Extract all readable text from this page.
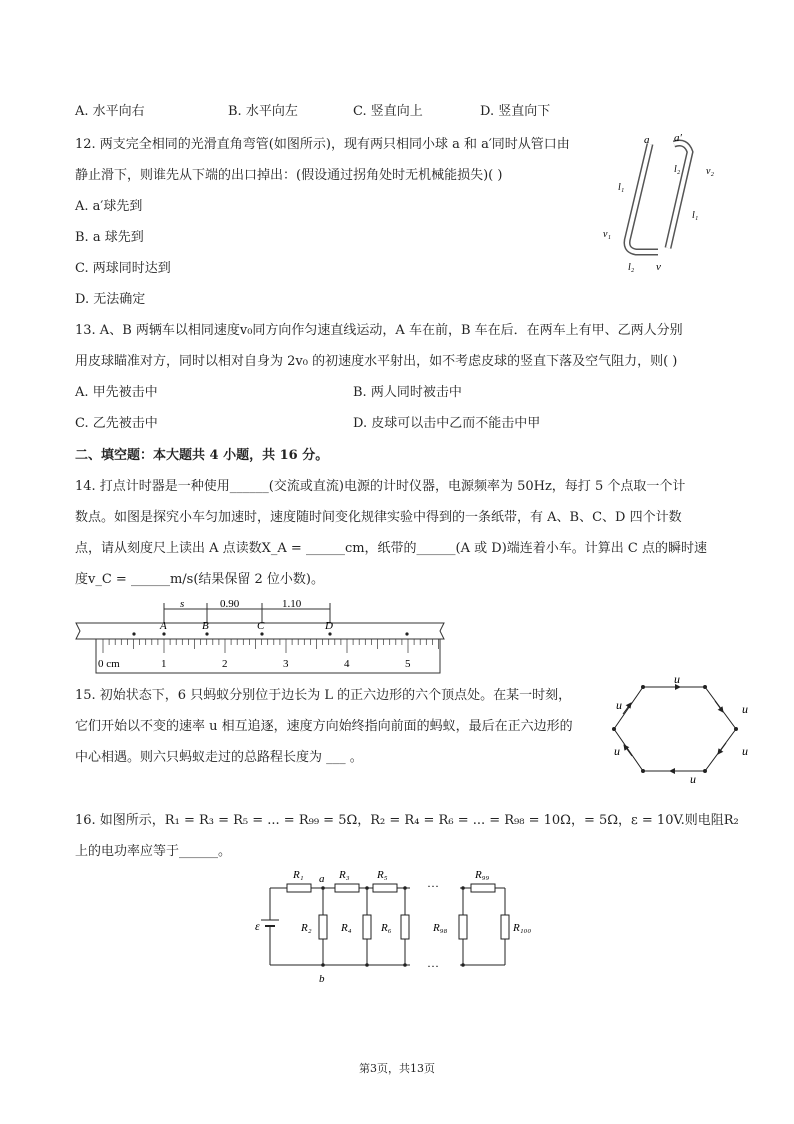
A. 水平向右	B. 水平向左	C. 竖直向上	D. 竖直向下
12. 两支完全相同的光滑直角弯管(如图所示)，现有两只相同小球 a 和 a′同时从管口由
静止滑下，则谁先从下端的出口掉出：(假设通过拐角处时无机械能损失)( )
A. a′球先到
B. a 球先到
C. 两球同时达到
D. 无法确定
a a′
l₂	v₂
l₁
l₁
v₁
l₂ v
13. A、B 两辆车以相同速度v₀同方向作匀速直线运动，A 车在前，B 车在后．在两车上有甲、乙两人分别
用皮球瞄准对方，同时以相对自身为 2v₀ 的初速度水平射出，如不考虑皮球的竖直下落及空气阻力，则( )
A. 甲先被击中	B. 两人同时被击中
C. 乙先被击中	D. 皮球可以击中乙而不能击中甲
二、填空题：本大题共 4 小题，共 16 分。
14. 打点计时器是一种使用______(交流或直流)电源的计时仪器，电源频率为 50Hz，每打 5 个点取一个计
数点。如图是探究小车匀加速时，速度随时间变化规律实验中得到的一条纸带，有 A、B、C、D 四个计数
点，请从刻度尺上读出 A 点读数X_A = ______cm，纸带的______(A 或 D)端连着小车。计算出 C 点的瞬时速
度v_C = ______m/s(结果保留 2 位小数)。
s	0.90	1.10
A	B	C	D
0 cm	1	2	3	4	5
15. 初始状态下，6 只蚂蚁分别位于边长为 L 的正六边形的六个顶点处。在某一时刻，
它们开始以不变的速率 u 相互追逐，速度方向始终指向前面的蚂蚁，最后在正六边形的
中心相遇。则六只蚂蚁走过的总路程长度为 ___ 。
u
u
u
u
u
u
16. 如图所示，R₁ = R₃ = R₅ = ... = R₉₉ = 5Ω，R₂ = R₄ = R₆ = ... = R₉₈ = 10Ω，= 5Ω，ε = 10V.则电阻R₂
上的电功率应等于______。
R₁ a R₃ R₅
···
R₉₉
ε	R₂	R₄	R₆	R₉₈	R₁₀₀
···
b
第3页，共13页
